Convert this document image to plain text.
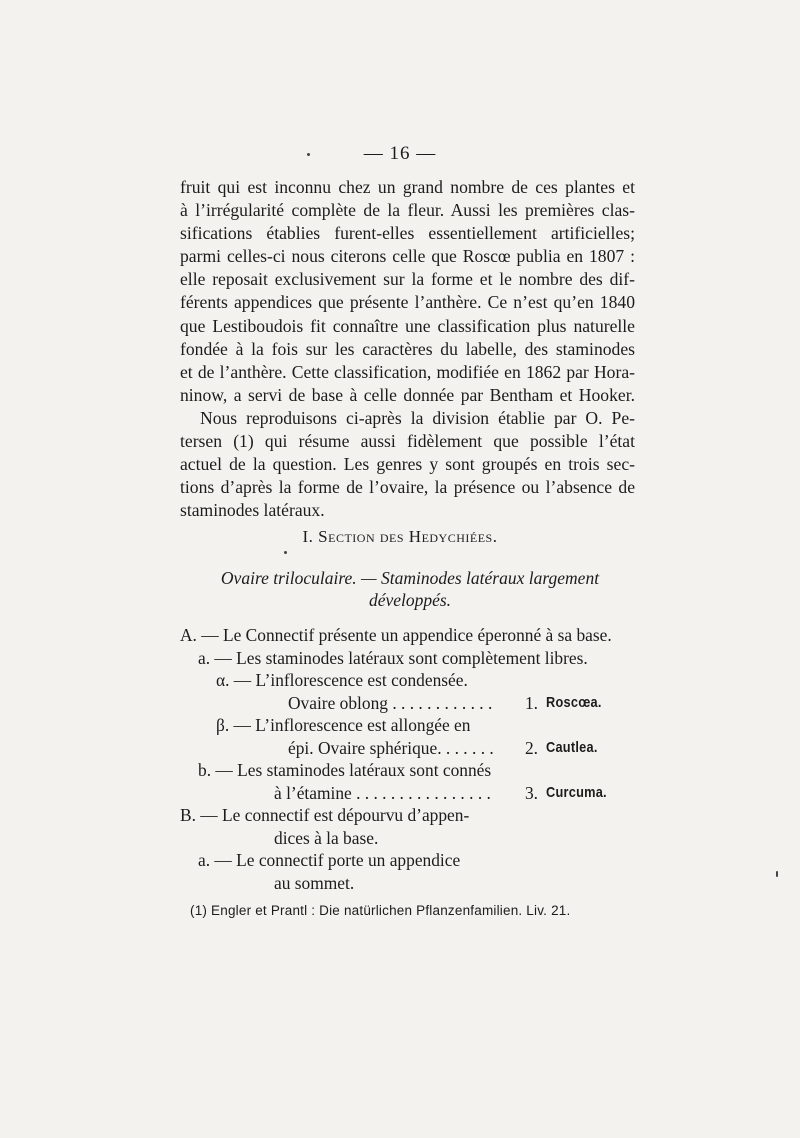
— 16 —
fruit qui est inconnu chez un grand nombre de ces plantes et
à l’irrégularité complète de la fleur. Aussi les premières clas-
sifications établies furent-elles essentiellement artificielles;
parmi celles-ci nous citerons celle que Roscœ publia en 1807 :
elle reposait exclusivement sur la forme et le nombre des dif-
férents appendices que présente l’anthère. Ce n’est qu’en 1840
que Lestiboudois fit connaître une classification plus naturelle
fondée à la fois sur les caractères du labelle, des staminodes
et de l’anthère. Cette classification, modifiée en 1862 par Hora-
ninow, a servi de base à celle donnée par Bentham et Hooker.
Nous reproduisons ci-après la division établie par O. Pe-
tersen (1) qui résume aussi fidèlement que possible l’état
actuel de la question. Les genres y sont groupés en trois sec-
tions d’après la forme de l’ovaire, la présence ou l’absence de
staminodes latéraux.
I. Section des Hedychiées.
Ovaire triloculaire. — Staminodes latéraux largement
développés.
A. — Le Connectif présente un appendice éperonné à sa base.
a. — Les staminodes latéraux sont complètement libres.
α. — L’inflorescence est condensée.
Ovaire oblong . . . . . . . . . . . .	1. Roscœa.
β. — L’inflorescence est allongée en
épi. Ovaire sphérique. . . . . . .	2. Cautlea.
b. — Les staminodes latéraux sont connés
à l’étamine . . . . . . . . . . . . . . . .	3. Curcuma.
B. — Le connectif est dépourvu d’appen-
dices à la base.
a. — Le connectif porte un appendice
au sommet.
(1) Engler et Prantl : Die natürlichen Pflanzenfamilien. Liv. 21.
